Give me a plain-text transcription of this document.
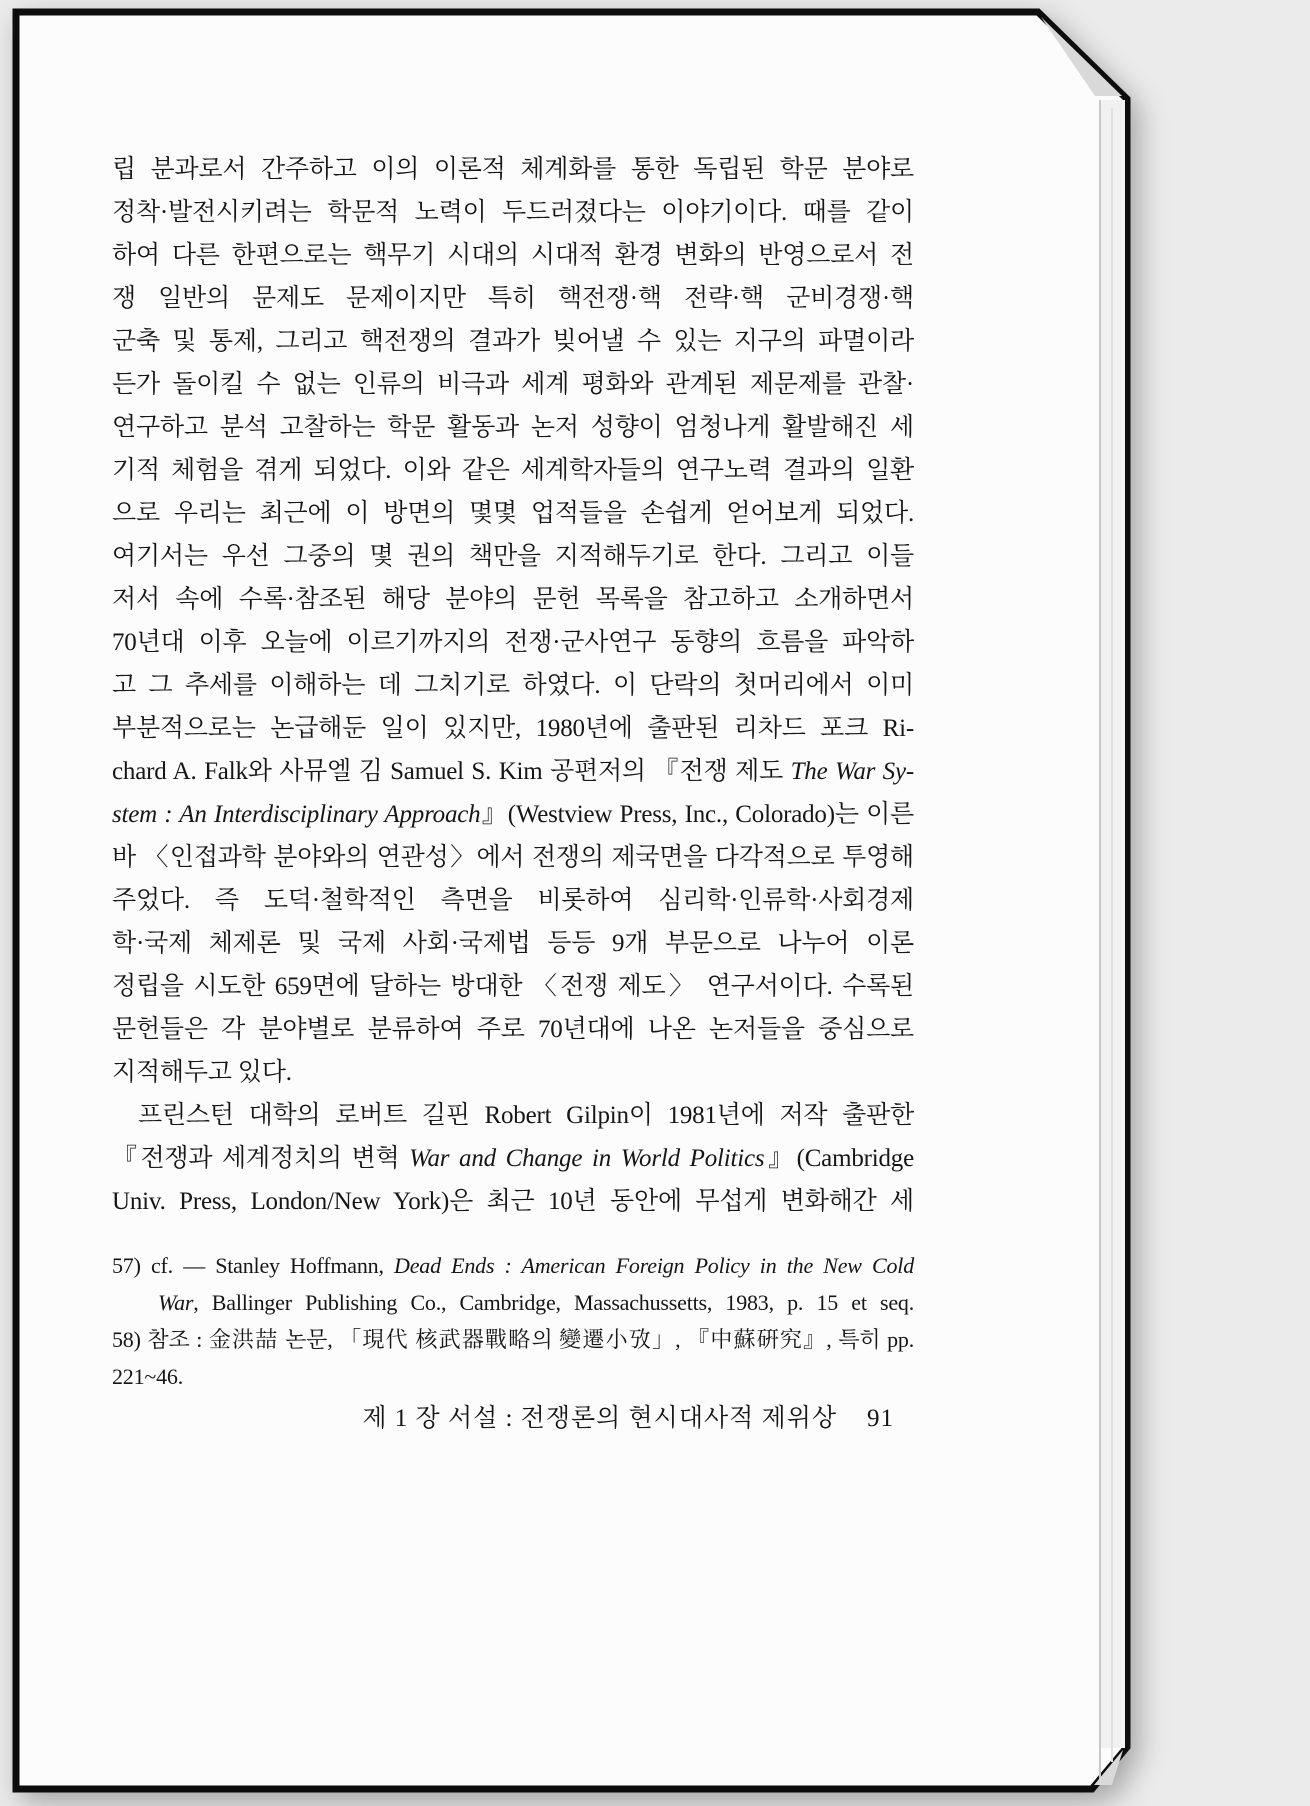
립 분과로서 간주하고 이의 이론적 체계화를 통한 독립된 학문 분야로
정착·발전시키려는 학문적 노력이 두드러졌다는 이야기이다. 때를 같이
하여 다른 한편으로는 핵무기 시대의 시대적 환경 변화의 반영으로서 전
쟁 일반의 문제도 문제이지만 특히 핵전쟁·핵 전략·핵 군비경쟁·핵
군축 및 통제, 그리고 핵전쟁의 결과가 빚어낼 수 있는 지구의 파멸이라
든가 돌이킬 수 없는 인류의 비극과 세계 평화와 관계된 제문제를 관찰·
연구하고 분석 고찰하는 학문 활동과 논저 성향이 엄청나게 활발해진 세
기적 체험을 겪게 되었다. 이와 같은 세계학자들의 연구노력 결과의 일환
으로 우리는 최근에 이 방면의 몇몇 업적들을 손쉽게 얻어보게 되었다.
여기서는 우선 그중의 몇 권의 책만을 지적해두기로 한다. 그리고 이들
저서 속에 수록·참조된 해당 분야의 문헌 목록을 참고하고 소개하면서
70년대 이후 오늘에 이르기까지의 전쟁·군사연구 동향의 흐름을 파악하
고 그 추세를 이해하는 데 그치기로 하였다. 이 단락의 첫머리에서 이미
부분적으로는 논급해둔 일이 있지만, 1980년에 출판된 리차드 포크 Ri-
chard A. Falk와 사뮤엘 김 Samuel S. Kim 공편저의 『전쟁 제도 The War Sy-
stem : An Interdisciplinary Approach』(Westview Press, Inc., Colorado)는 이른
바 〈인접과학 분야와의 연관성〉에서 전쟁의 제국면을 다각적으로 투영해
주었다. 즉 도덕·철학적인 측면을 비롯하여 심리학·인류학·사회경제
학·국제 체제론 및 국제 사회·국제법 등등 9개 부문으로 나누어 이론
정립을 시도한 659면에 달하는 방대한 〈전쟁 제도〉 연구서이다. 수록된
문헌들은 각 분야별로 분류하여 주로 70년대에 나온 논저들을 중심으로
지적해두고 있다.
프린스턴 대학의 로버트 길핀 Robert Gilpin이 1981년에 저작 출판한
『전쟁과 세계정치의 변혁 War and Change in World Politics』(Cambridge
Univ. Press, London/New York)은 최근 10년 동안에 무섭게 변화해간 세
57) cf. ― Stanley Hoffmann, Dead Ends : American Foreign Policy in the New Cold
War, Ballinger Publishing Co., Cambridge, Massachussetts, 1983, p. 15 et seq.
58) 참조 : 金洪喆 논문, 「現代 核武器戰略의 變遷小攷」, 『中蘇硏究』, 특히 pp. 221~46.
제 1 장 서설 : 전쟁론의 현시대사적 제위상 91
